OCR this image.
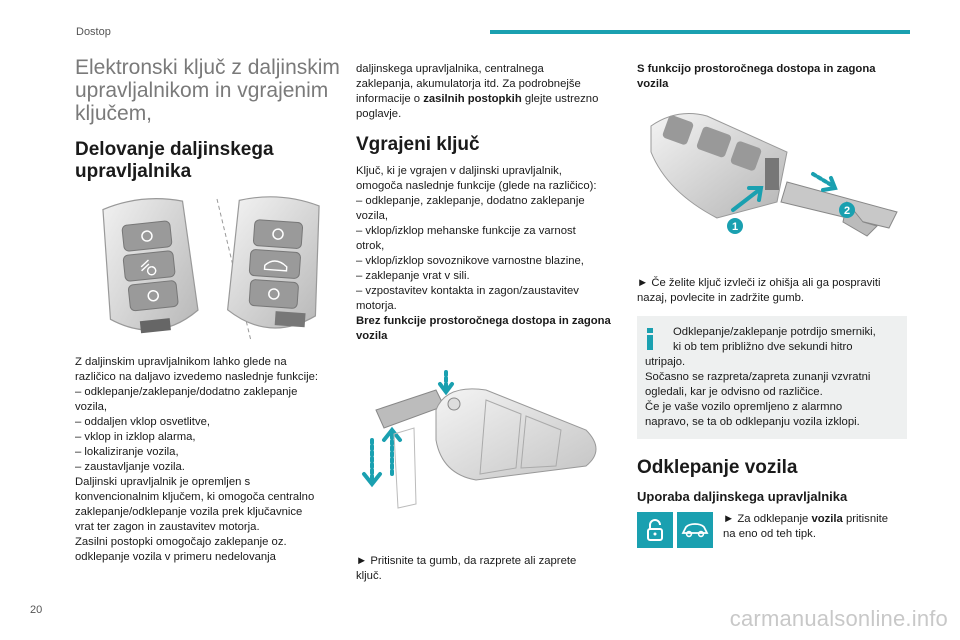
Dostop
Elektronski ključ z daljinskim upravljalnikom in vgrajenim ključem,
Delovanje daljinskega upravljalnika

Z daljinskim upravljalnikom lahko glede na

različico na daljavo izvedemo naslednje funkcije:

– odklepanje/zaklepanje/dodatno zaklepanje

vozila,

– oddaljen vklop osvetlitve,

– vklop in izklop alarma,

– lokaliziranje vozila,

– zaustavljanje vozila.

Daljinski upravljalnik je opremljen s

konvencionalnim ključem, ki omogoča centralno

zaklepanje/odklepanje vozila prek ključavnice

vrat ter zagon in zaustavitev motorja.

Zasilni postopki omogočajo zaklepanje oz.

odklepanje vozila v primeru nedelovanja

daljinskega upravljalnika, centralnega

zaklepanja, akumulatorja itd. Za podrobnejše

informacije o zasilnih postopkih glejte ustrezno

poglavje.

Vgrajeni ključ

Ključ, ki je vgrajen v daljinski upravljalnik,

omogoča naslednje funkcije (glede na različico):

– odklepanje, zaklepanje, dodatno zaklepanje

vozila,

– vklop/izklop mehanske funkcije za varnost

otrok,

– vklop/izklop sovoznikove varnostne blazine,

– zaklepanje vrat v sili.

– vzpostavitev kontakta in zagon/zaustavitev

motorja.

Brez funkcije prostoročnega dostopa in zagona vozila

► Pritisnite ta gumb, da razprete ali zaprete

ključ.

S funkcijo prostoročnega dostopa in zagona vozila

1
2

► Če želite ključ izvleči iz ohišja ali ga pospraviti

nazaj, povlecite in zadržite gumb.

Odklepanje/zaklepanje potrdijo smerniki,

ki ob tem približno dve sekundi hitro

utripajo.

Sočasno se razpreta/zapreta zunanji vzvratni

ogledali, kar je odvisno od različice.

Če je vaše vozilo opremljeno z alarmno

napravo, se ta ob odklepanju vozila izklopi.

Odklepanje vozila
Uporaba daljinskega upravljalnika

► Za odklepanje vozila pritisnite

na eno od teh tipk.

20	carmanualsonline.info
